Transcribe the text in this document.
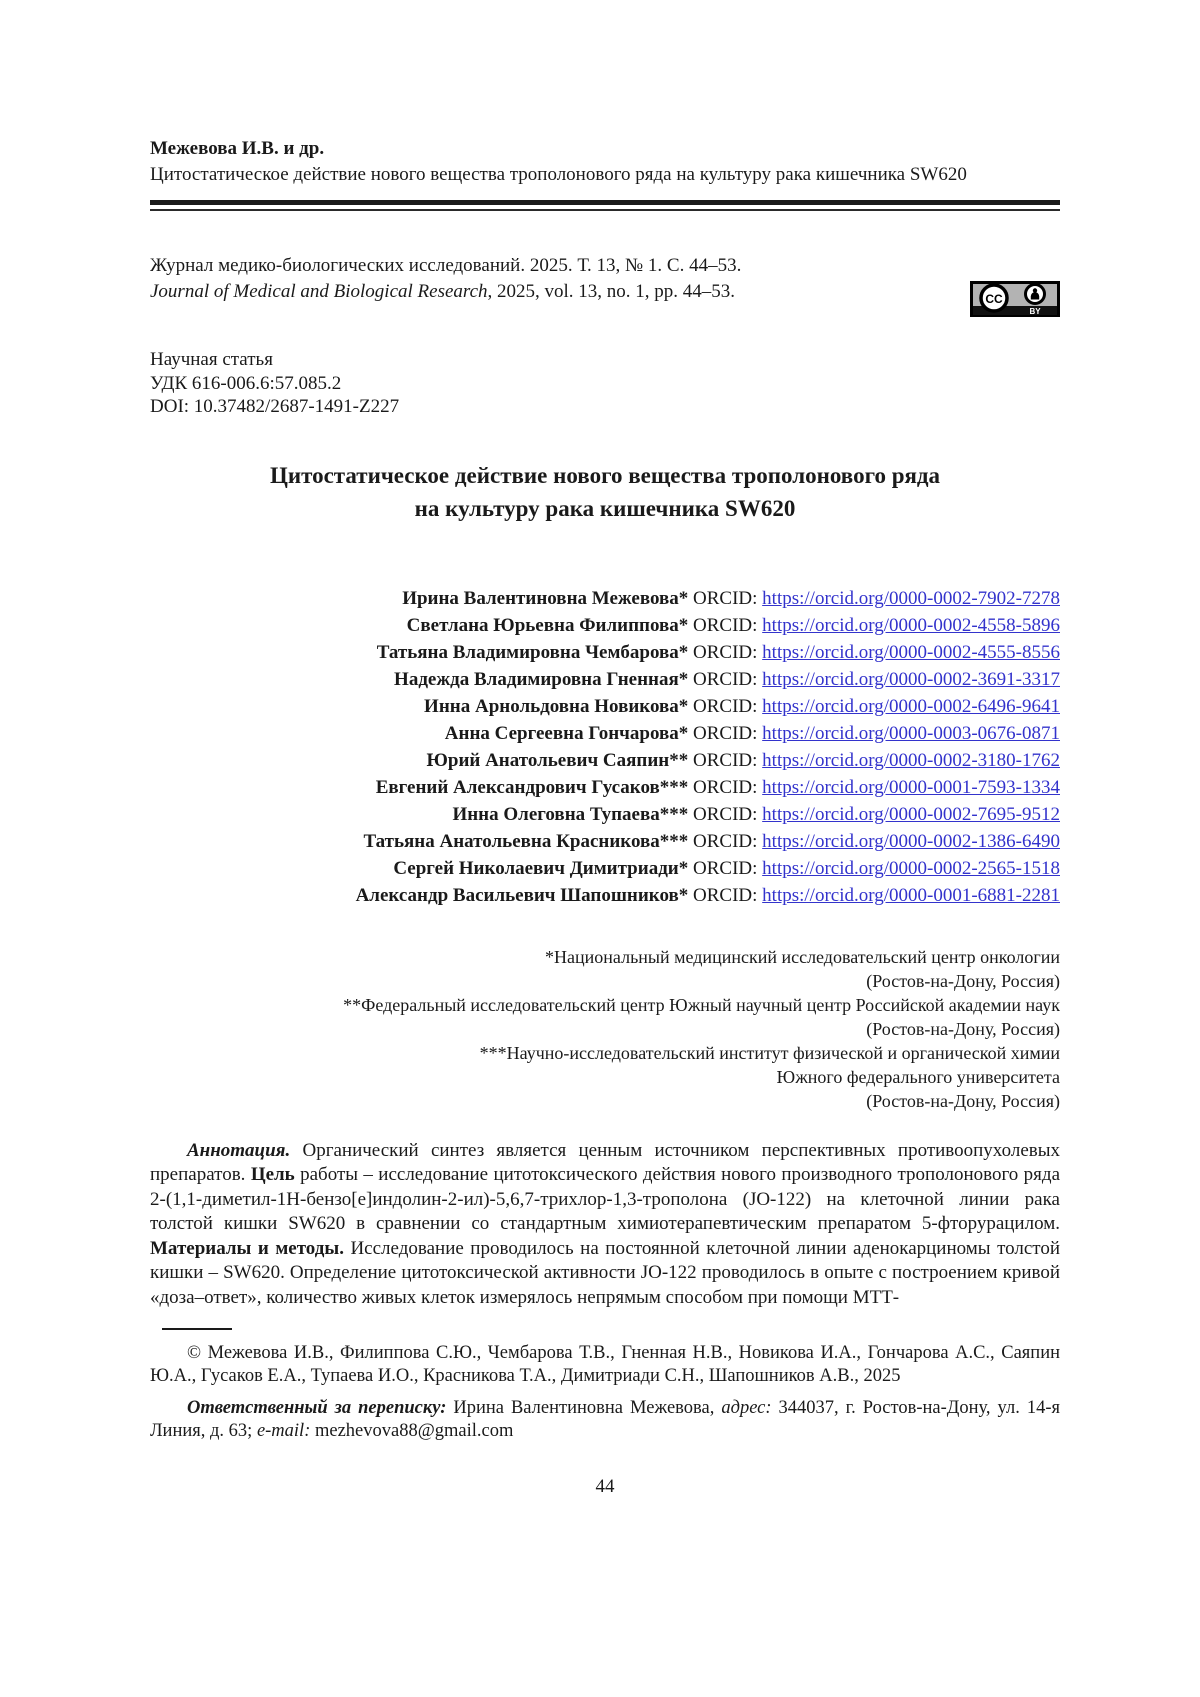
Межевова И.В. и др.
Цитостатическое действие нового вещества трополонового ряда на культуру рака кишечника SW620
Журнал медико-биологических исследований. 2025. Т. 13, № 1. С. 44–53.
Journal of Medical and Biological Research, 2025, vol. 13, no. 1, pp. 44–53.	CC
BY
Научная статья
УДК 616-006.6:57.085.2
DOI: 10.37482/2687-1491-Z227
Цитостатическое действие нового вещества трополонового ряда
на культуру рака кишечника SW620
Ирина Валентиновна Межевова* ORCID: https://orcid.org/0000-0002-7902-7278
Светлана Юрьевна Филиппова* ORCID: https://orcid.org/0000-0002-4558-5896
Татьяна Владимировна Чембарова* ORCID: https://orcid.org/0000-0002-4555-8556
Надежда Владимировна Гненная* ORCID: https://orcid.org/0000-0002-3691-3317
Инна Арнольдовна Новикова* ORCID: https://orcid.org/0000-0002-6496-9641
Анна Сергеевна Гончарова* ORCID: https://orcid.org/0000-0003-0676-0871
Юрий Анатольевич Саяпин** ORCID: https://orcid.org/0000-0002-3180-1762
Евгений Александрович Гусаков*** ORCID: https://orcid.org/0000-0001-7593-1334
Инна Олеговна Тупаева*** ORCID: https://orcid.org/0000-0002-7695-9512
Татьяна Анатольевна Красникова*** ORCID: https://orcid.org/0000-0002-1386-6490
Сергей Николаевич Димитриади* ORCID: https://orcid.org/0000-0002-2565-1518
Александр Васильевич Шапошников* ORCID: https://orcid.org/0000-0001-6881-2281
*Национальный медицинский исследовательский центр онкологии
(Ростов-на-Дону, Россия)
**Федеральный исследовательский центр Южный научный центр Российской академии наук
(Ростов-на-Дону, Россия)
***Научно-исследовательский институт физической и органической химии
Южного федерального университета
(Ростов-на-Дону, Россия)
Аннотация. Органический синтез является ценным источником перспективных противоопухолевых препаратов. Цель работы – исследование цитотоксического действия нового производного трополонового ряда 2-(1,1-диметил-1Н-бензо[е]индолин-2-ил)-5,6,7-трихлор-1,3-трополона (JO-122) на клеточной линии рака толстой кишки SW620 в сравнении со стандартным химиотерапевтическим препаратом 5-фторурацилом. Материалы и методы. Исследование проводилось на постоянной клеточной линии аденокарциномы толстой кишки – SW620. Определение цитотоксической активности JO-122 проводилось в опыте с построением кривой «доза–ответ», количество живых клеток измерялось непрямым способом при помощи МТТ-
© Межевова И.В., Филиппова С.Ю., Чембарова Т.В., Гненная Н.В., Новикова И.А., Гончарова А.С., Саяпин Ю.А., Гусаков Е.А., Тупаева И.О., Красникова Т.А., Димитриади С.Н., Шапошников А.В., 2025
Ответственный за переписку: Ирина Валентиновна Межевова, адрес: 344037, г. Ростов-на-Дону, ул. 14-я Линия, д. 63; e-mail: mezhevova88@gmail.com
44
